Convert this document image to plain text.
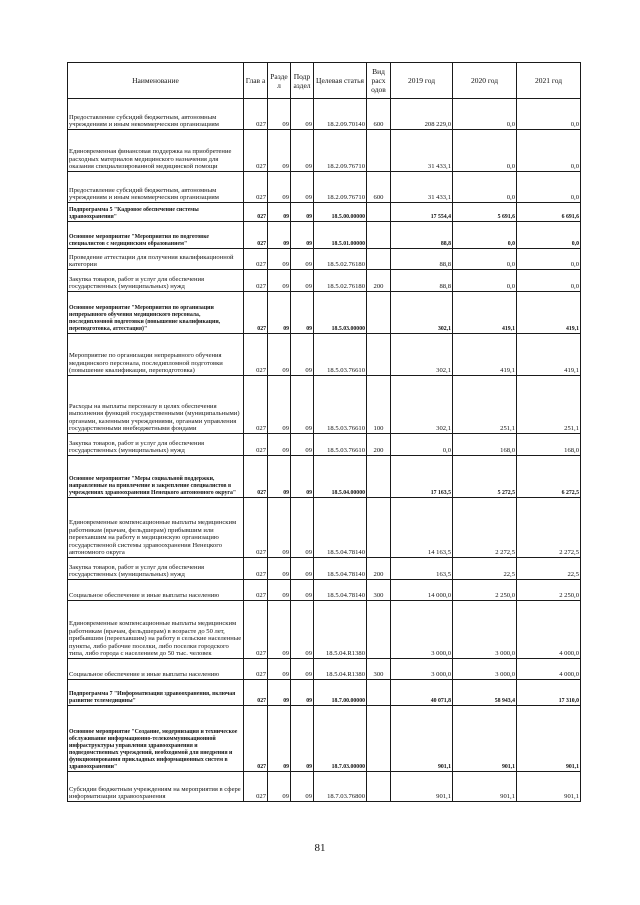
Наименование	Глав а	Разде л	Подр аздел	Целевая статья	Вид расх одов	2019 год	2020 год	2021 год
Предоставление субсидий бюджетным, автономным учреждениям и иным некоммерческим организациям	027	09	09	18.2.09.70140	600	208 229,0	0,0	0,0
Единовременная финансовая поддержка на приобретение расходных материалов медицинского назначения для оказания специализированной медицинской помощи	027	09	09	18.2.09.76710		31 433,1	0,0	0,0
Предоставление субсидий бюджетным, автономным учреждениям и иным некоммерческим организациям	027	09	09	18.2.09.76710	600	31 433,1	0,0	0,0
Подпрограмма 5 "Кадровое обеспечение системы здравоохранения"	027	09	09	18.5.00.00000		17 554,4	5 691,6	6 691,6
Основное мероприятие "Мероприятия по подготовке специалистов с медицинским образованием"	027	09	09	18.5.01.00000		88,8	0,0	0,0
Проведение аттестации для получения квалификационной категории	027	09	09	18.5.02.76180		88,8	0,0	0,0
Закупка товаров, работ и услуг для обеспечения государственных (муниципальных) нужд	027	09	09	18.5.02.76180	200	88,8	0,0	0,0
Основное мероприятие "Мероприятия по организации непрерывного обучения медицинского персонала, последипломной подготовки (повышение квалификации, переподготовка, аттестация)"	027	09	09	18.5.03.00000		302,1	419,1	419,1
Мероприятие по организации непрерывного обучения медицинского персонала, последипломной подготовки (повышение квалификации, переподготовка)	027	09	09	18.5.03.76610		302,1	419,1	419,1
Расходы на выплаты персоналу в целях обеспечения выполнения функций государственными (муниципальными) органами, казенными учреждениями, органами управления государственными внебюджетными фондами	027	09	09	18.5.03.76610	100	302,1	251,1	251,1
Закупка товаров, работ и услуг для обеспечения государственных (муниципальных) нужд	027	09	09	18.5.03.76610	200	0,0	168,0	168,0
Основное мероприятие "Меры социальной поддержки, направленные на привлечение и закрепление специалистов в учреждениях здравоохранения Ненецкого автономного округа"	027	09	09	18.5.04.00000		17 163,5	5 272,5	6 272,5
Единовременные компенсационные выплаты медицинским работникам (врачам, фельдшерам) прибывшим или переехавшим на работу в медицинскую организацию государственной системы здравоохранения Ненецкого автономного округа	027	09	09	18.5.04.78140		14 163,5	2 272,5	2 272,5
Закупка товаров, работ и услуг для обеспечения государственных (муниципальных) нужд	027	09	09	18.5.04.78140	200	163,5	22,5	22,5
Социальное обеспечение и иные выплаты населению	027	09	09	18.5.04.78140	300	14 000,0	2 250,0	2 250,0
Единовременные компенсационные выплаты медицинским работникам (врачам, фельдшерам) в возрасте до 50 лет, прибывшим (переехавшим) на работу в сельские населенные пункты, либо рабочие поселки, либо поселки городского типа, либо города с населением до 50 тыс. человек	027	09	09	18.5.04.R1380		3 000,0	3 000,0	4 000,0
Социальное обеспечение и иные выплаты населению	027	09	09	18.5.04.R1380	300	3 000,0	3 000,0	4 000,0
Подпрограмма 7 "Информатизация здравоохранения, включая развитие телемедицины"	027	09	09	18.7.00.00000		40 071,8	58 943,4	17 310,0
Основное мероприятие "Создание, модернизация и техническое обслуживание информационно-телекоммуникационной инфраструктуры управления здравоохранения и подведомственных учреждений, необходимой для внедрения и функционирования прикладных информационных систем в здравоохранении"	027	09	09	18.7.03.00000		901,1	901,1	901,1
Субсидии бюджетным учреждениям на мероприятия в сфере информатизации здравоохранения	027	09	09	18.7.03.76800		901,1	901,1	901,1
81
